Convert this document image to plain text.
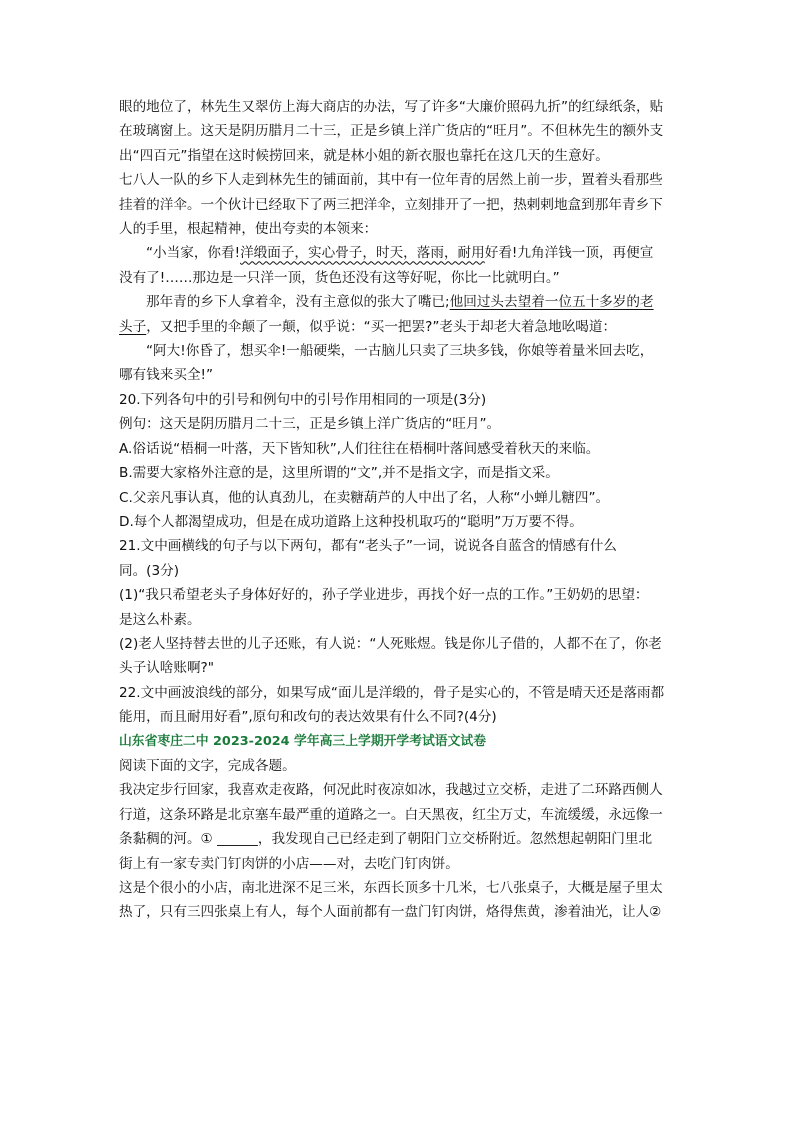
眼的地位了，林先生又翠仿上海大商店的办法，写了许多“大廉价照码九折”的红绿纸条，贴

在玻璃窗上。这天是阴历腊月二十三，正是乡镇上洋广货店的“旺月”。不但林先生的额外支

出“四百元”指望在这时候捞回来，就是林小姐的新衣服也靠托在这几天的生意好。

七八人一队的乡下人走到林先生的铺面前，其中有一位年青的居然上前一步，置着头看那些

挂着的洋伞。一个伙计已经取下了两三把洋伞，立刻排开了一把，热剌剌地盒到那年青乡下

人的手里，根起精神，使出夸卖的本领来：

“小当家，你看!洋缎面子，实心骨子，时天，落雨，耐用好看!九角洋钱一顶，再便宣

没有了!……那边是一只洋一顶，货色还没有这等好呢，你比一比就明白。”

那年青的乡下人拿着伞，没有主意似的张大了嘴已;他回过头去望着一位五十多岁的老

头子，又把手里的伞颠了一颠，似乎说：“买一把罢?”老头于却老大着急地吆喝道：

“阿大!你昏了，想买伞!一船硬柴，一古脑儿只卖了三块多钱，你娘等着量米回去吃，

哪有钱来买全!”

20.下列各句中的引号和例句中的引号作用相同的一项是(3分)

例句：这天是阴历腊月二十三，正是乡镇上洋广货店的“旺月”。

A.俗话说“梧桐一叶落，天下皆知秋”,人们往往在梧桐叶落间感受着秋天的来临。

B.需要大家格外注意的是，这里所谓的“文”,并不是指文字，而是指文采。

C.父亲凡事认真，他的认真劲儿，在卖糖葫芦的人中出了名，人称“小蝉儿糖四”。

D.每个人都渴望成功，但是在成功道路上这种投机取巧的“聪明”万万要不得。

21.文中画横线的句子与以下两句，都有“老头子”一词，说说各自蓝含的情感有什么

同。(3分)

(1)“我只希望老头子身体好好的，孙子学业进步，再找个好一点的工作。”王奶奶的思望：

是这么朴素。

(2)老人坚持替去世的儿子还账，有人说：“人死账煜。钱是你儿子借的，人都不在了，你老

头子认啥账啊?"

22.文中画波浪线的部分，如果写成“面儿是洋缎的，骨子是实心的，不管是晴天还是落雨都

能用，而且耐用好看”,原句和改句的表达效果有什么不同?(4分)

山东省枣庄二中 2023-2024 学年高三上学期开学考试语文试卷

阅读下面的文字，完成各题。

我决定步行回家，我喜欢走夜路，何况此时夜凉如冰，我越过立交桥，走进了二环路西侧人

行道，这条环路是北京塞车最严重的道路之一。白天黑夜，红尘万丈，车流缓缓，永远像一

条黏稠的河。① ______，我发现自己已经走到了朝阳门立交桥附近。忽然想起朝阳门里北

街上有一家专卖门钉肉饼的小店——对，去吃门钉肉饼。

这是个很小的小店，南北进深不足三米，东西长顶多十几米，七八张桌子，大概是屋子里太

热了，只有三四张桌上有人，每个人面前都有一盘门钉肉饼，烙得焦黄，渗着油光，让人②
